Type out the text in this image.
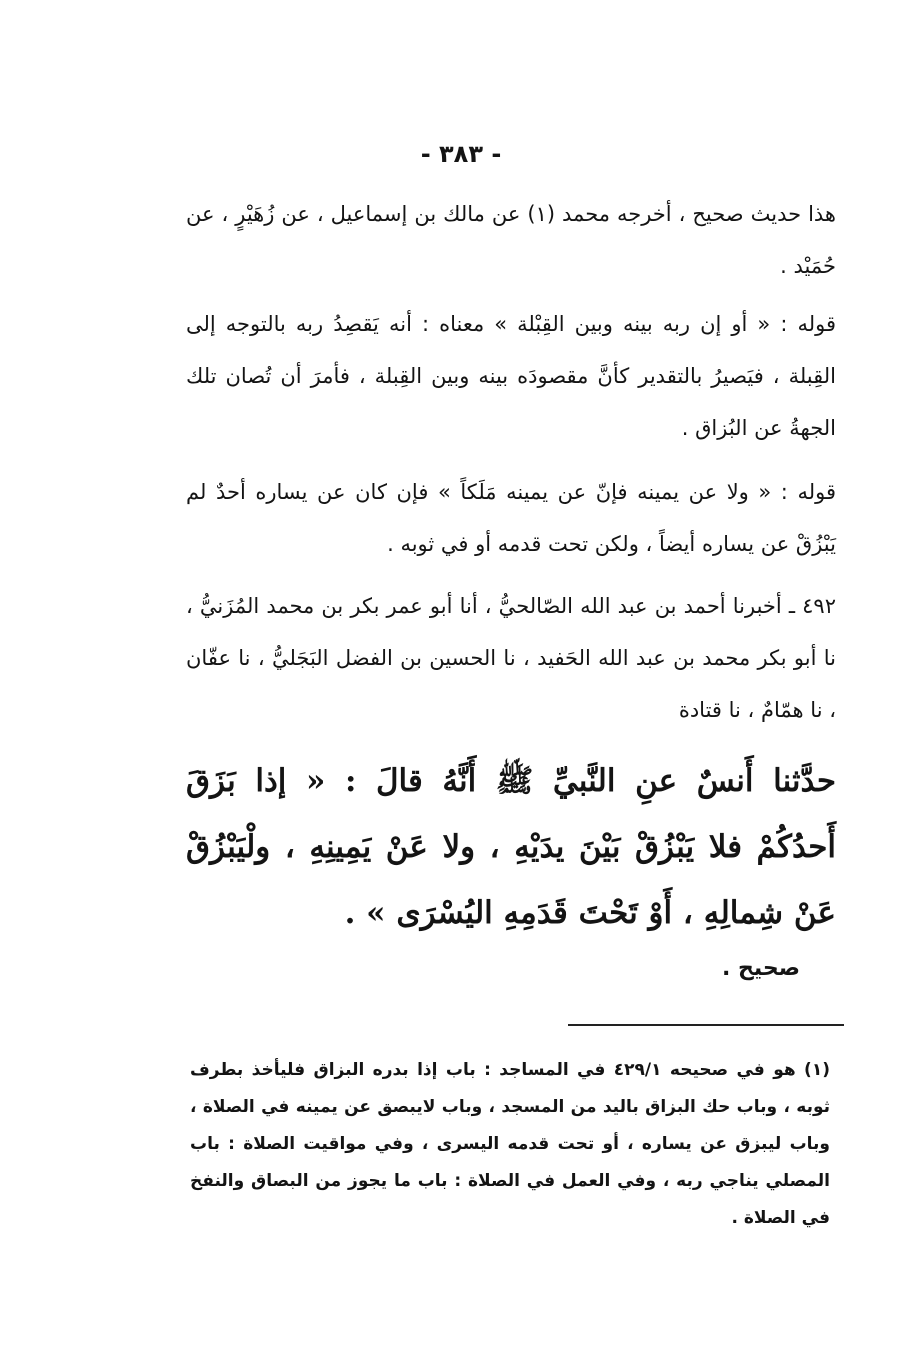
- ٣٨٣ -

هذا حديث صحيح ، أخرجه محمد (١) عن مالك بن إسماعيل ، عن زُهَيْرٍ ، عن حُمَيْد .

قوله : « أو إن ربه بينه وبين القِبْلة » معناه : أنه يَقصِدُ ربه بالتوجه إلى القِبلة ، فيَصيرُ بالتقدير كأنَّ مقصودَه بينه وبين القِبلة ، فأمرَ أن تُصان تلك الجهةُ عن البُزاق .

قوله : « ولا عن يمينه فإنّ عن يمينه مَلَكاً » فإن كان عن يساره أحدٌ لم يَبْزُقْ عن يساره أيضاً ، ولكن تحت قدمه أو في ثوبه .

٤٩٢ ـ أخبرنا أحمد بن عبد الله الصّالحيُّ ، أنا أبو عمر بكر بن محمد المُزَنيُّ ، نا أبو بكر محمد بن عبد الله الحَفيد ، نا الحسين بن الفضل البَجَليُّ ، نا عفّان ، نا همّامٌ ، نا قتادة

حدَّثنا أَنسٌ عنِ النَّبيِّ ﷺ أَنَّهُ قالَ : « إذا بَزَقَ أَحدُكُمْ فلا يَبْزُقْ بَيْنَ يدَيْهِ ، ولا عَنْ يَمِينِهِ ، ولْيَبْزُقْ عَنْ شِمالِهِ ، أَوْ تَحْتَ قَدَمِهِ اليُسْرَى » .

صحيح .

(١) هو في صحيحه ٤٢٩/١ في المساجد : باب إذا بدره البزاق فليأخذ بطرف ثوبه ، وباب حك البزاق باليد من المسجد ، وباب لايبصق عن يمينه في الصلاة ، وباب ليبزق عن يساره ، أو تحت قدمه اليسرى ، وفي مواقيت الصلاة : باب المصلي يناجي ربه ، وفي العمل في الصلاة : باب ما يجوز من البصاق والنفخ في الصلاة .
